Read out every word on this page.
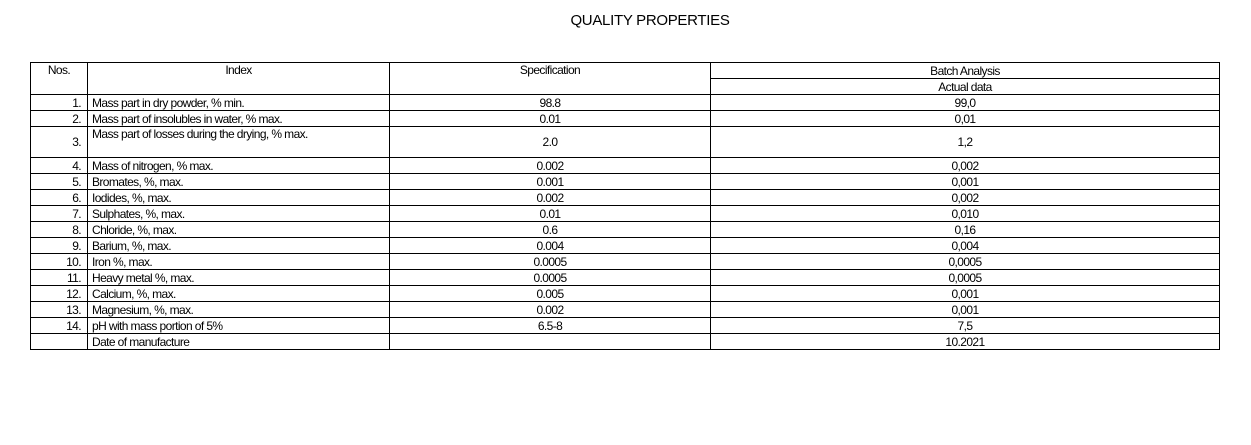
QUALITY PROPERTIES
Nos.	Index	Specification	Batch Analysis
			Actual data
1.	Mass part in dry powder, % min.	98.8	99,0
2.	Mass part of insolubles in water, % max.	0.01	0,01
3.	Mass part of losses during the drying, % max.	2.0	1,2
4.	Mass of nitrogen, % max.	0.002	0,002
5.	Bromates, %, max.	0.001	0,001
6.	Iodides, %, max.	0.002	0,002
7.	Sulphates, %, max.	0.01	0,010
8.	Chloride, %, max.	0.6	0,16
9.	Barium, %, max.	0.004	0,004
10.	Iron %, max.	0.0005	0,0005
11.	Heavy metal %, max.	0.0005	0,0005
12.	Calcium, %, max.	0.005	0,001
13.	Magnesium, %, max.	0.002	0,001
14.	pH with mass portion of 5%	6.5-8	7,5
	Date of manufacture		10.2021
